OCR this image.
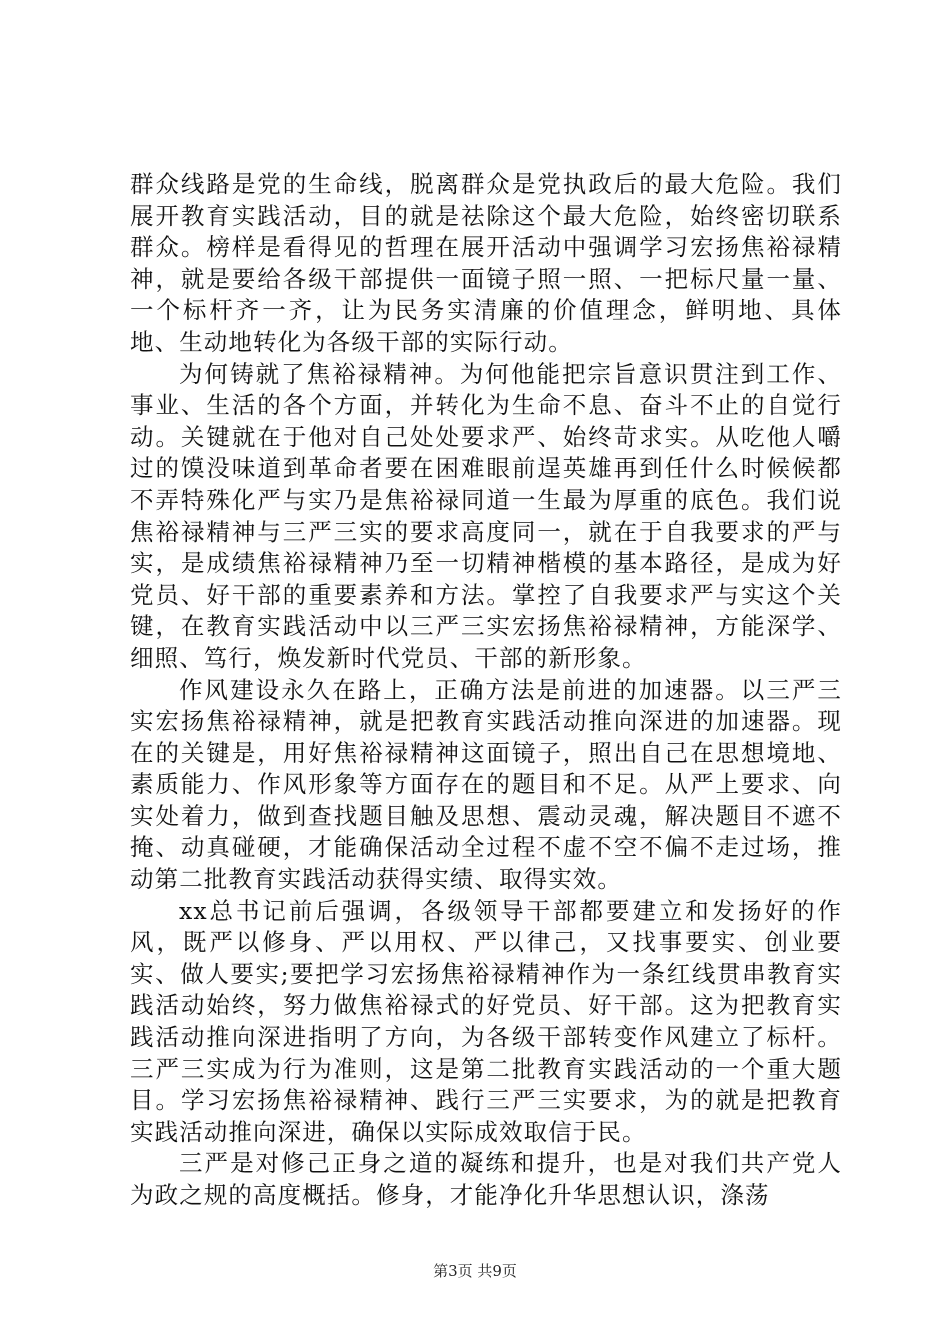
群众线路是党的生命线，脱离群众是党执政后的最大危险。我们展开教育实践活动，目的就是祛除这个最大危险，始终密切联系群众。榜样是看得见的哲理在展开活动中强调学习宏扬焦裕禄精神，就是要给各级干部提供一面镜子照一照、一把标尺量一量、一个标杆齐一齐，让为民务实清廉的价值理念，鲜明地、具体地、生动地转化为各级干部的实际行动。

为何铸就了焦裕禄精神。为何他能把宗旨意识贯注到工作、事业、生活的各个方面，并转化为生命不息、奋斗不止的自觉行动。关键就在于他对自己处处要求严、始终苛求实。从吃他人嚼过的馍没味道到革命者要在困难眼前逞英雄再到任什么时候候都不弄特殊化严与实乃是焦裕禄同道一生最为厚重的底色。我们说焦裕禄精神与三严三实的要求高度同一，就在于自我要求的严与实，是成绩焦裕禄精神乃至一切精神楷模的基本路径，是成为好党员、好干部的重要素养和方法。掌控了自我要求严与实这个关键，在教育实践活动中以三严三实宏扬焦裕禄精神，方能深学、细照、笃行，焕发新时代党员、干部的新形象。

作风建设永久在路上，正确方法是前进的加速器。以三严三实宏扬焦裕禄精神，就是把教育实践活动推向深进的加速器。现在的关键是，用好焦裕禄精神这面镜子，照出自己在思想境地、素质能力、作风形象等方面存在的题目和不足。从严上要求、向实处着力，做到查找题目触及思想、震动灵魂，解决题目不遮不掩、动真碰硬，才能确保活动全过程不虚不空不偏不走过场，推动第二批教育实践活动获得实绩、取得实效。

xx总书记前后强调，各级领导干部都要建立和发扬好的作风，既严以修身、严以用权、严以律己，又找事要实、创业要实、做人要实;要把学习宏扬焦裕禄精神作为一条红线贯串教育实践活动始终，努力做焦裕禄式的好党员、好干部。这为把教育实践活动推向深进指明了方向，为各级干部转变作风建立了标杆。三严三实成为行为准则，这是第二批教育实践活动的一个重大题目。学习宏扬焦裕禄精神、践行三严三实要求，为的就是把教育实践活动推向深进，确保以实际成效取信于民。

三严是对修己正身之道的凝练和提升，也是对我们共产党人为政之规的高度概括。修身，才能净化升华思想认识，涤荡

第3页 共9页
